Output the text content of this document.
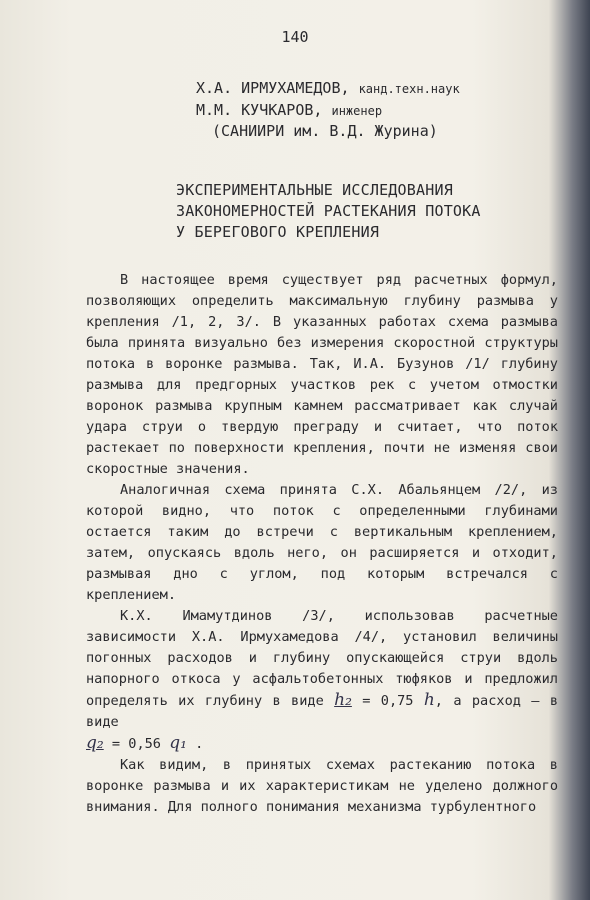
140
Х.А. ИРМУХАМЕДОВ, канд.техн.наук
М.М. КУЧКАРОВ, инженер
(САНИИРИ им. В.Д. Журина)
ЭКСПЕРИМЕНТАЛЬНЫЕ ИССЛЕДОВАНИЯ
ЗАКОНОМЕРНОСТЕЙ РАСТЕКАНИЯ ПОТОКА
У БЕРЕГОВОГО КРЕПЛЕНИЯ

В настоящее время существует ряд расчетных формул, позволяющих определить максимальную глубину размыва у крепления /1, 2, 3/. В указанных работах схема размыва была принята визуально без измерения скоростной структуры потока в воронке размыва. Так, И.А. Бузунов /1/ глубину размыва для предгорных участков рек с учетом отмостки воронок размыва крупным камнем рассматривает как случай удара струи о твердую преграду и считает, что поток растекает по поверхности крепления, почти не изменяя свои скоростные значения.

Аналогичная схема принята С.Х. Абальянцем /2/, из которой видно, что поток с определенными глубинами остается таким до встречи с вертикальным креплением, затем, опускаясь вдоль него, он расширяется и отходит, размывая дно с углом, под которым встречался с креплением.

К.Х. Имамутдинов /3/, использовав расчетные зависимости Х.А. Ирмухамедова /4/, установил величины погонных расходов и глубину опускающейся струи вдоль напорного откоса у асфальтобетонных тюфяков и предложил определять их глубину в виде h₂ = 0,75 h, а расход — в виде

q₂ = 0,56 q₁ .

Как видим, в принятых схемах растеканию потока в воронке размыва и их характеристикам не уделено должного внимания. Для полного понимания механизма турбулентного
